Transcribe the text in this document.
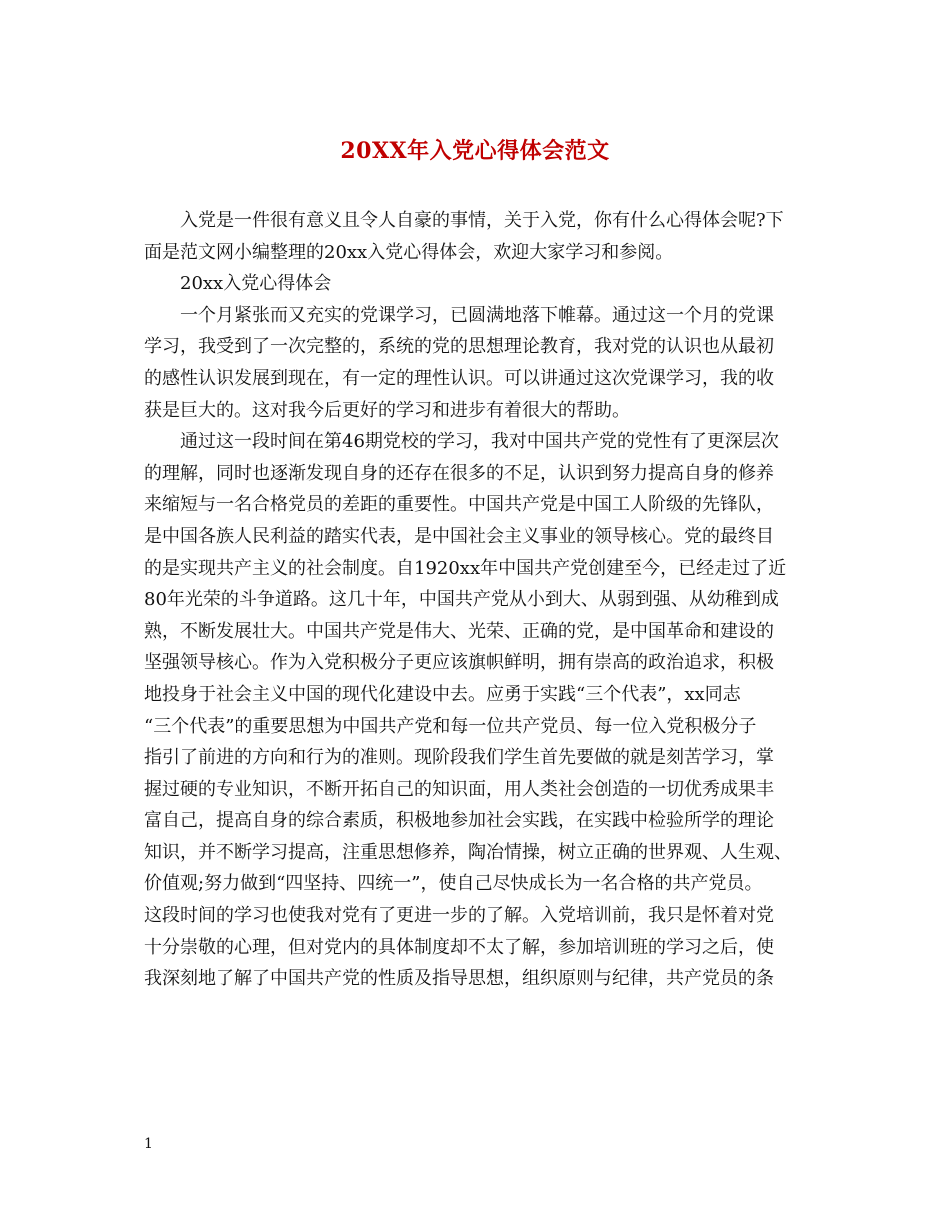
20XX年入党心得体会范文
入党是一件很有意义且令人自豪的事情，关于入党，你有什么心得体会呢?下
面是范文网小编整理的20xx入党心得体会，欢迎大家学习和参阅。
20xx入党心得体会
一个月紧张而又充实的党课学习，已圆满地落下帷幕。通过这一个月的党课
学习，我受到了一次完整的，系统的党的思想理论教育，我对党的认识也从最初
的感性认识发展到现在，有一定的理性认识。可以讲通过这次党课学习，我的收
获是巨大的。这对我今后更好的学习和进步有着很大的帮助。
通过这一段时间在第46期党校的学习，我对中国共产党的党性有了更深层次
的理解，同时也逐渐发现自身的还存在很多的不足，认识到努力提高自身的修养
来缩短与一名合格党员的差距的重要性。中国共产党是中国工人阶级的先锋队，
是中国各族人民利益的踏实代表，是中国社会主义事业的领导核心。党的最终目
的是实现共产主义的社会制度。自1920xx年中国共产党创建至今，已经走过了近
80年光荣的斗争道路。这几十年，中国共产党从小到大、从弱到强、从幼稚到成
熟，不断发展壮大。中国共产党是伟大、光荣、正确的党，是中国革命和建设的
坚强领导核心。作为入党积极分子更应该旗帜鲜明，拥有崇高的政治追求，积极
地投身于社会主义中国的现代化建设中去。应勇于实践“三个代表”，xx同志
“三个代表”的重要思想为中国共产党和每一位共产党员、每一位入党积极分子
指引了前进的方向和行为的准则。现阶段我们学生首先要做的就是刻苦学习，掌
握过硬的专业知识，不断开拓自己的知识面，用人类社会创造的一切优秀成果丰
富自己，提高自身的综合素质，积极地参加社会实践，在实践中检验所学的理论
知识，并不断学习提高，注重思想修养，陶冶情操，树立正确的世界观、人生观、
价值观;努力做到“四坚持、四统一”，使自己尽快成长为一名合格的共产党员。
这段时间的学习也使我对党有了更进一步的了解。入党培训前，我只是怀着对党
十分崇敬的心理，但对党内的具体制度却不太了解，参加培训班的学习之后，使
我深刻地了解了中国共产党的性质及指导思想，组织原则与纪律，共产党员的条
1
